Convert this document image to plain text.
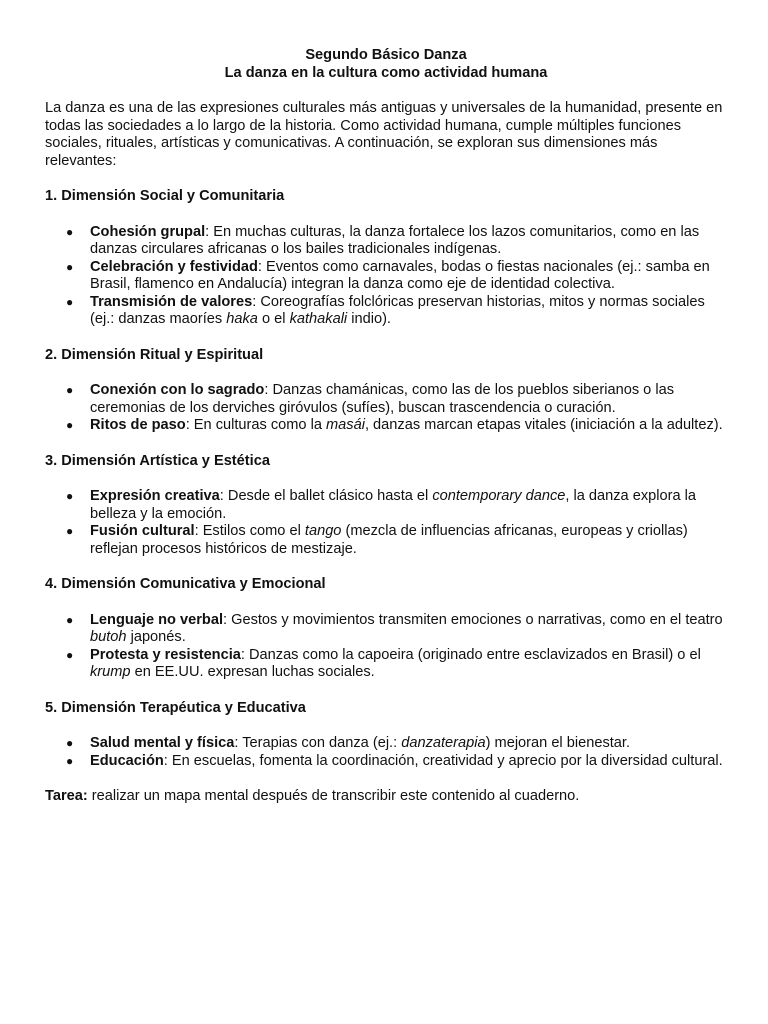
Segundo Básico Danza

La danza en la cultura como actividad humana

La danza es una de las expresiones culturales más antiguas y universales de la humanidad, presente en todas las sociedades a lo largo de la historia. Como actividad humana, cumple múltiples funciones sociales, rituales, artísticas y comunicativas. A continuación, se exploran sus dimensiones más relevantes:

1. Dimensión Social y Comunitaria

● Cohesión grupal: En muchas culturas, la danza fortalece los lazos comunitarios, como en las danzas circulares africanas o los bailes tradicionales indígenas.
● Celebración y festividad: Eventos como carnavales, bodas o fiestas nacionales (ej.: samba en Brasil, flamenco en Andalucía) integran la danza como eje de identidad colectiva.
● Transmisión de valores: Coreografías folclóricas preservan historias, mitos y normas sociales (ej.: danzas maoríes haka o el kathakali indio).

2. Dimensión Ritual y Espiritual

● Conexión con lo sagrado: Danzas chamánicas, como las de los pueblos siberianos o las ceremonias de los derviches giróvulos (sufíes), buscan trascendencia o curación.
● Ritos de paso: En culturas como la masái, danzas marcan etapas vitales (iniciación a la adultez).

3. Dimensión Artística y Estética

● Expresión creativa: Desde el ballet clásico hasta el contemporary dance, la danza explora la belleza y la emoción.
● Fusión cultural: Estilos como el tango (mezcla de influencias africanas, europeas y criollas) reflejan procesos históricos de mestizaje.

4. Dimensión Comunicativa y Emocional

● Lenguaje no verbal: Gestos y movimientos transmiten emociones o narrativas, como en el teatro butoh japonés.
● Protesta y resistencia: Danzas como la capoeira (originado entre esclavizados en Brasil) o el krump en EE.UU. expresan luchas sociales.

5. Dimensión Terapéutica y Educativa

● Salud mental y física: Terapias con danza (ej.: danzaterapia) mejoran el bienestar.
● Educación: En escuelas, fomenta la coordinación, creatividad y aprecio por la diversidad cultural.

Tarea: realizar un mapa mental después de transcribir este contenido al cuaderno.
